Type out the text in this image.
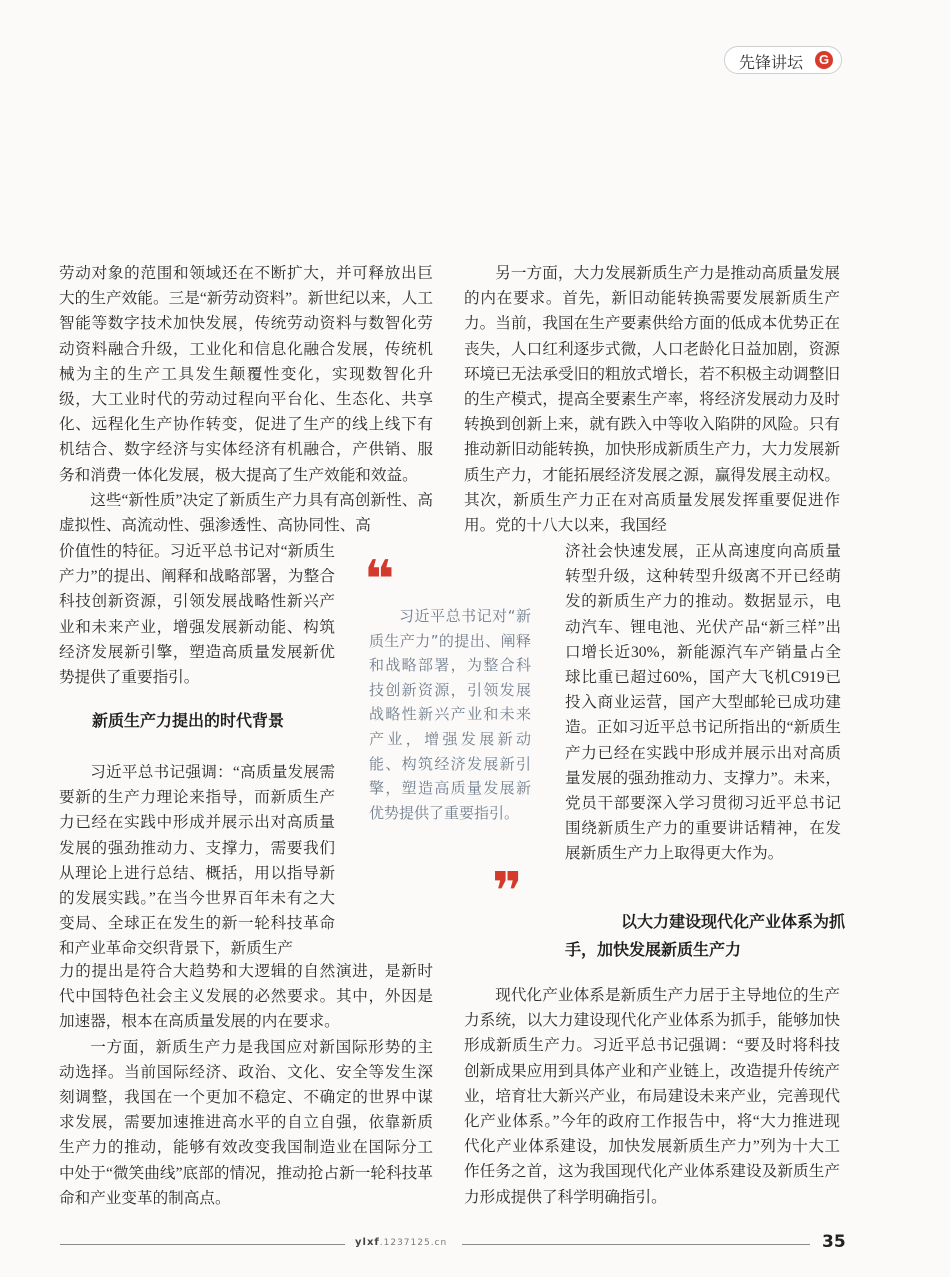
先锋讲坛	G

劳动对象的范围和领域还在不断扩大，并可释放出巨大的生产效能。三是“新劳动资料”。新世纪以来，人工智能等数字技术加快发展，传统劳动资料与数智化劳动资料融合升级，工业化和信息化融合发展，传统机械为主的生产工具发生颠覆性变化，实现数智化升级，大工业时代的劳动过程向平台化、生态化、共享化、远程化生产协作转变，促进了生产的线上线下有机结合、数字经济与实体经济有机融合，产供销、服务和消费一体化发展，极大提高了生产效能和效益。

这些“新性质”决定了新质生产力具有高创新性、高虚拟性、高流动性、强渗透性、高协同性、高

价值性的特征。习近平总书记对“新质生产力”的提出、阐释和战略部署，为整合科技创新资源，引领发展战略性新兴产业和未来产业，增强发展新动能、构筑经济发展新引擎，塑造高质量发展新优势提供了重要指引。

新质生产力提出的时代背景

习近平总书记强调：“高质量发展需要新的生产力理论来指导，而新质生产力已经在实践中形成并展示出对高质量发展的强劲推动力、支撑力，需要我们从理论上进行总结、概括，用以指导新的发展实践。”在当今世界百年未有之大变局、全球正在发生的新一轮科技革命和产业革命交织背景下，新质生产

力的提出是符合大趋势和大逻辑的自然演进，是新时代中国特色社会主义发展的必然要求。其中，外因是加速器，根本在高质量发展的内在要求。

一方面，新质生产力是我国应对新国际形势的主动选择。当前国际经济、政治、文化、安全等发生深刻调整，我国在一个更加不稳定、不确定的世界中谋求发展，需要加速推进高水平的自立自强，依靠新质生产力的推动，能够有效改变我国制造业在国际分工中处于“微笑曲线”底部的情况，推动抢占新一轮科技革命和产业变革的制高点。

❝
习近平总书记对“新质生产力”的提出、阐释和战略部署，为整合科技创新资源，引领发展战略性新兴产业和未来产业，增强发展新动能、构筑经济发展新引擎，塑造高质量发展新优势提供了重要指引。
❞

另一方面，大力发展新质生产力是推动高质量发展的内在要求。首先，新旧动能转换需要发展新质生产力。当前，我国在生产要素供给方面的低成本优势正在丧失，人口红利逐步式微，人口老龄化日益加剧，资源环境已无法承受旧的粗放式增长，若不积极主动调整旧的生产模式，提高全要素生产率，将经济发展动力及时转换到创新上来，就有跌入中等收入陷阱的风险。只有推动新旧动能转换，加快形成新质生产力，大力发展新质生产力，才能拓展经济发展之源，赢得发展主动权。其次，新质生产力正在对高质量发展发挥重要促进作用。党的十八大以来，我国经

济社会快速发展，正从高速度向高质量转型升级，这种转型升级离不开已经萌发的新质生产力的推动。数据显示，电动汽车、锂电池、光伏产品“新三样”出口增长近30%，新能源汽车产销量占全球比重已超过60%，国产大飞机C919已投入商业运营，国产大型邮轮已成功建造。正如习近平总书记所指出的“新质生产力已经在实践中形成并展示出对高质量发展的强劲推动力、支撑力”。未来，党员干部要深入学习贯彻习近平总书记围绕新质生产力的重要讲话精神，在发展新质生产力上取得更大作为。

以大力建设现代化产业体系为抓
手，加快发展新质生产力

现代化产业体系是新质生产力居于主导地位的生产力系统，以大力建设现代化产业体系为抓手，能够加快形成新质生产力。习近平总书记强调：“要及时将科技创新成果应用到具体产业和产业链上，改造提升传统产业，培育壮大新兴产业，布局建设未来产业，完善现代化产业体系。”今年的政府工作报告中，将“大力推进现代化产业体系建设，加快发展新质生产力”列为十大工作任务之首，这为我国现代化产业体系建设及新质生产力形成提供了科学明确指引。

ylxf.1237125.cn	35
